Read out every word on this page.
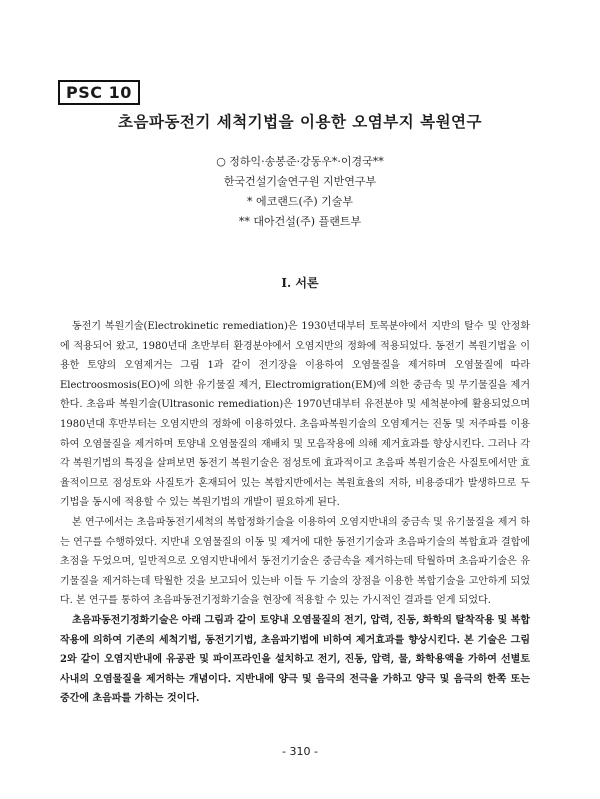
PSC 10
초음파동전기 세척기법을 이용한 오염부지 복원연구
○ 정하익·송봉준·강동우*·이경국**
한국건설기술연구원 지반연구부
* 에코랜드(주) 기술부
** 대아건설(주) 플랜트부
I. 서론

동전기 복원기술(Electrokinetic remediation)은 1930년대부터 토목분야에서 지반의 탈수 및 안정화에 적용되어 왔고, 1980년대 초반부터 환경분야에서 오염지반의 정화에 적용되었다. 동전기 복원기법을 이용한 토양의 오염제거는 그림 1과 같이 전기장을 이용하여 오염물질을 제거하며 오염물질에 따라 Electroosmosis(EO)에 의한 유기물질 제거, Electromigration(EM)에 의한 중금속 및 무기물질을 제거한다. 초음파 복원기술(Ultrasonic remediation)은 1970년대부터 유전분야 및 세척분야에 활용되었으며 1980년대 후반부터는 오염지반의 정화에 이용하였다. 초음파복원기술의 오염제거는 진동 및 저주파를 이용하여 오염물질을 제거하며 토양내 오염물질의 재배치 및 모음작용에 의해 제거효과를 향상시킨다. 그러나 각각 복원기법의 특징을 살펴보면 동전기 복원기술은 점성토에 효과적이고 초음파 복원기술은 사질토에서만 효율적이므로 점성토와 사질토가 혼재되어 있는 복합지반에서는 복원효율의 저하, 비용증대가 발생하므로 두 기법을 동시에 적용할 수 있는 복원기법의 개발이 필요하게 된다.

본 연구에서는 초음파동전기세척의 복합정화기술을 이용하여 오염지반내의 중금속 및 유기물질을 제거 하는 연구를 수행하였다. 지반내 오염물질의 이동 및 제거에 대한 동전기기술과 초음파기술의 복합효과 결합에 초점을 두었으며, 일반적으로 오염지반내에서 동전기기술은 중금속을 제거하는데 탁월하며 초음파기술은 유기물질을 제거하는데 탁월한 것을 보고되어 있는바 이들 두 기술의 장점을 이용한 복합기술을 고안하게 되었다. 본 연구를 통하여 초음파동전기정화기술을 현장에 적용할 수 있는 가시적인 결과를 얻게 되었다.

초음파동전기정화기술은 아래 그림과 같이 토양내 오염물질의 전기, 압력, 진동, 화학의 탈착작용 및 복합작용에 의하여 기존의 세척기법, 동전기기법, 초음파기법에 비하여 제거효과를 향상시킨다. 본 기술은 그림 2와 같이 오염지반내에 유공관 및 파이프라인을 설치하고 전기, 진동, 압력, 물, 화학용액을 가하여 선별토사내의 오염물질을 제거하는 개념이다. 지반내에 양극 및 음극의 전극을 가하고 양극 및 음극의 한쪽 또는 중간에 초음파를 가하는 것이다.

- 310 -
